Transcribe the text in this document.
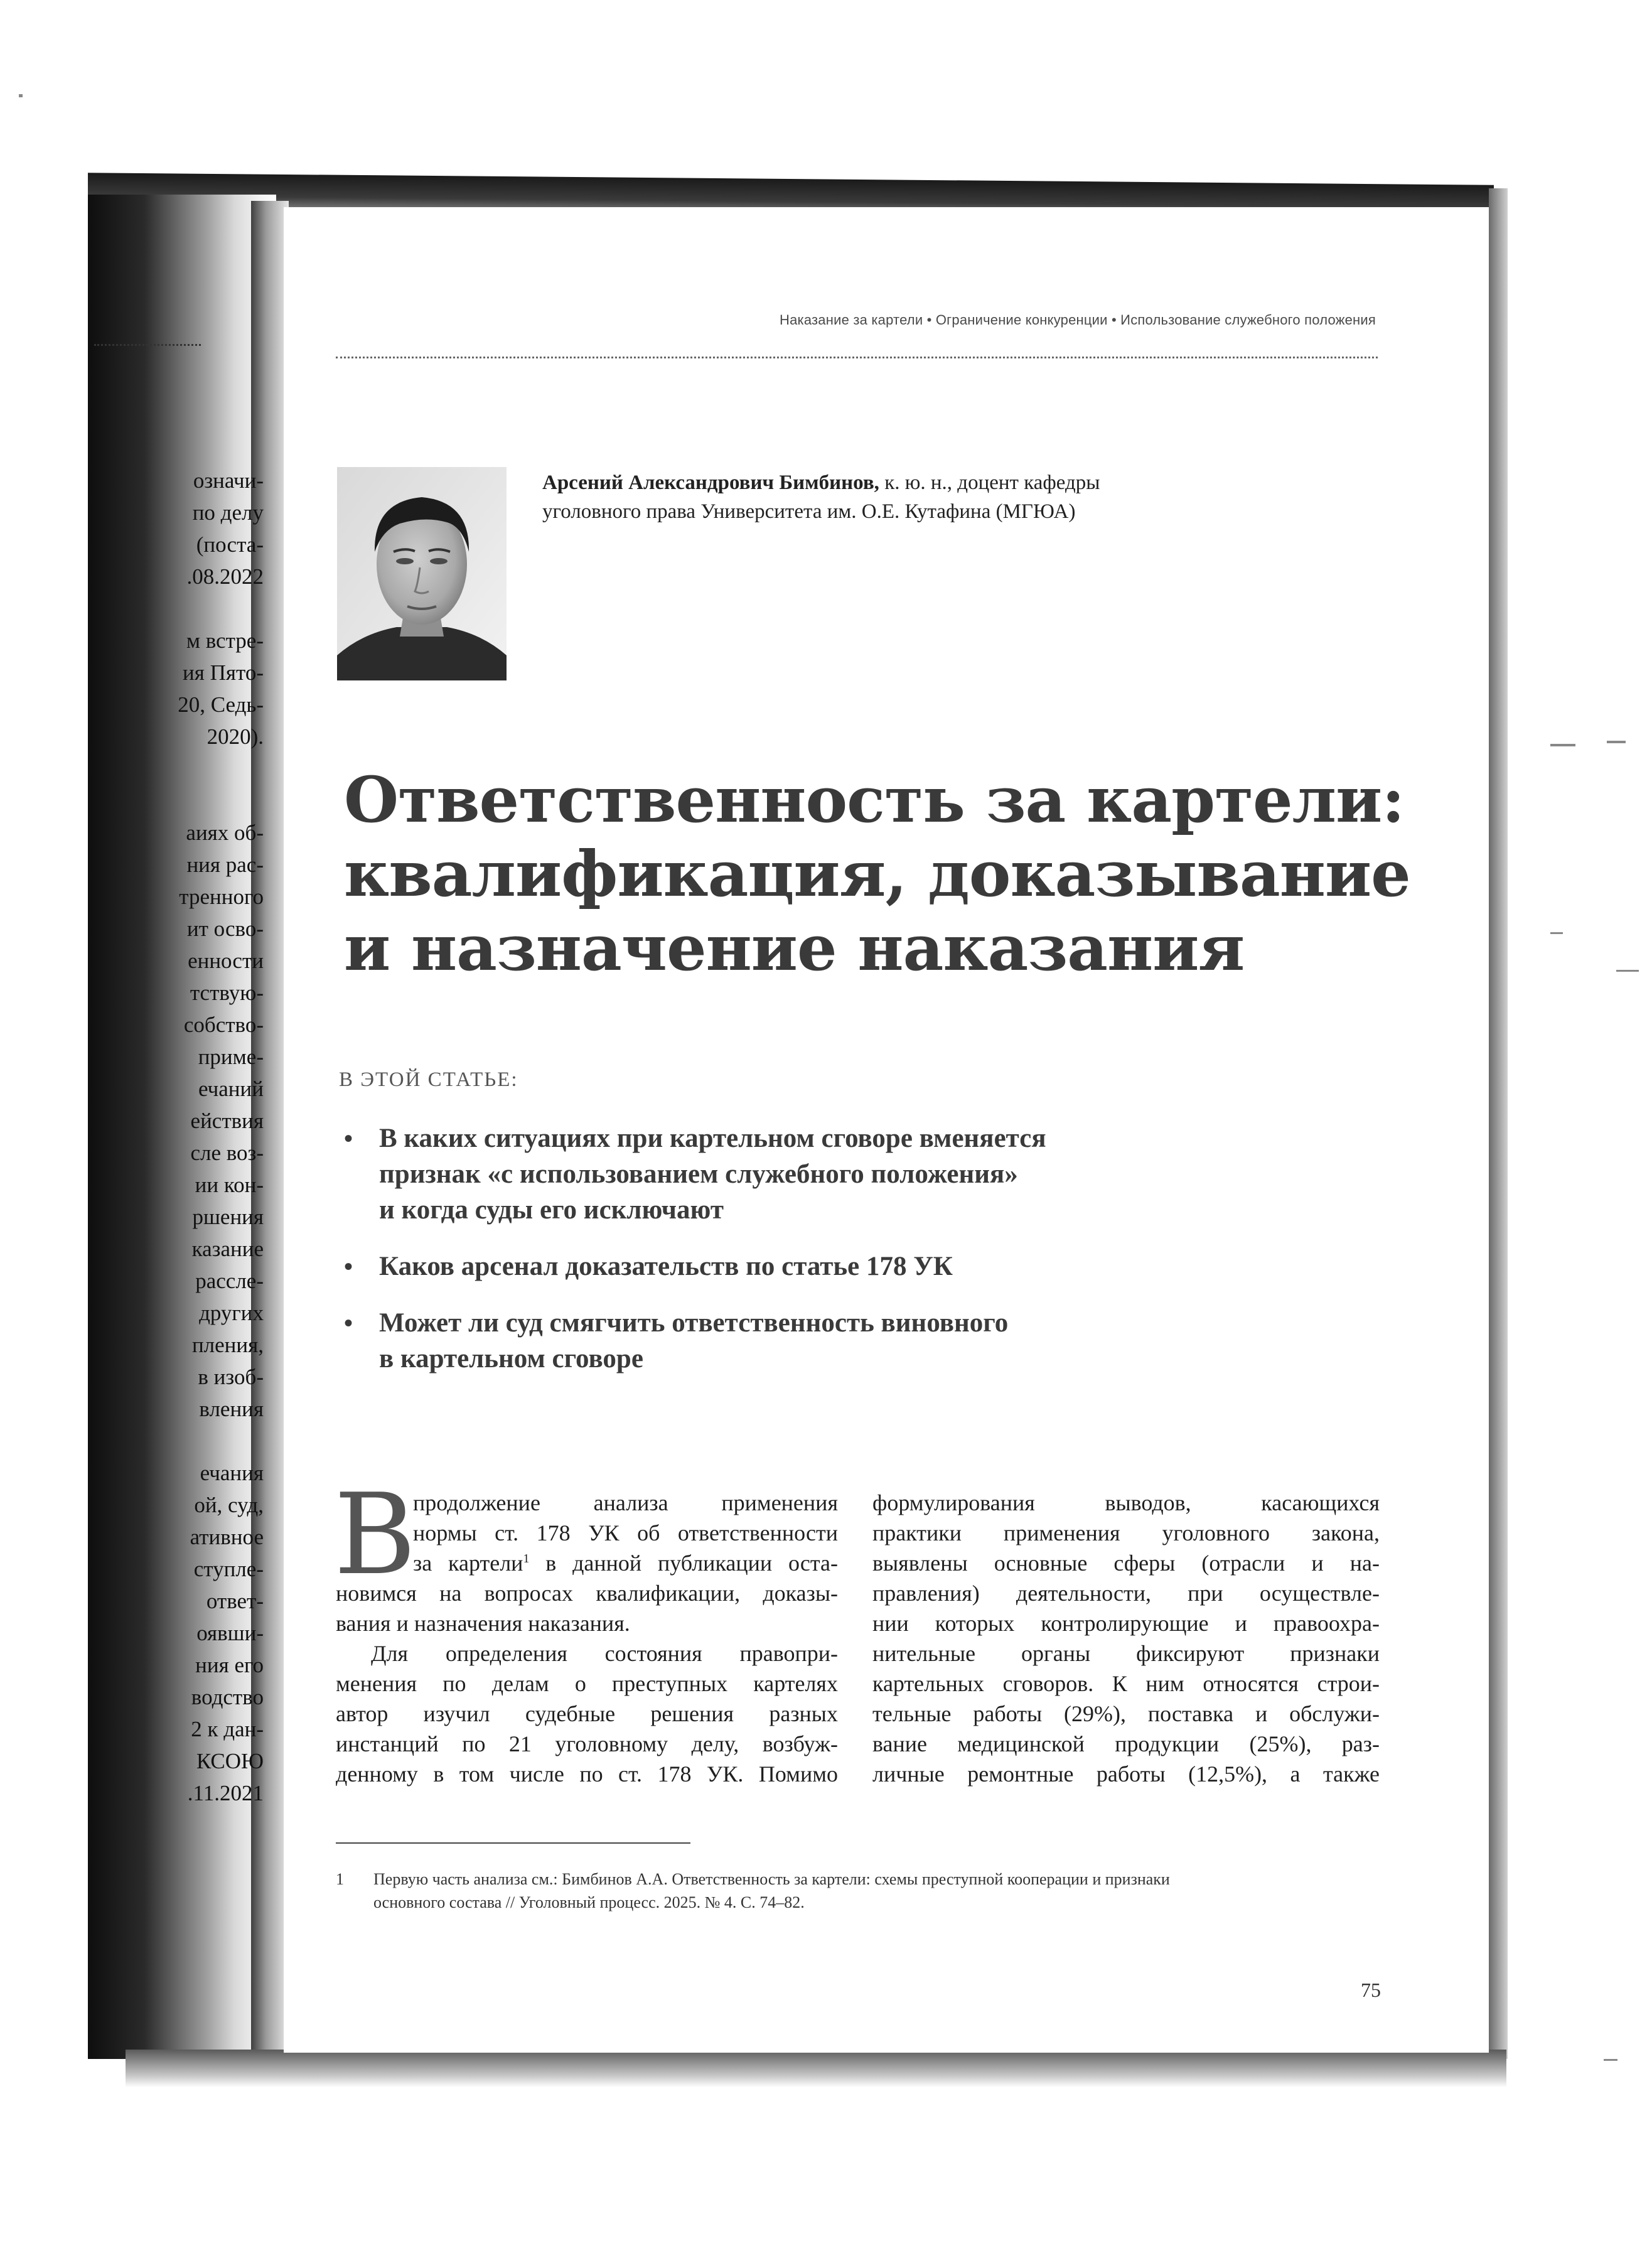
означи-
по делу
(поста-
.08.2022
м встре-
ия Пято-
20, Седь-
2020).
аиях об-
ния рас-
тренного
ит осво-
енности
тствую-
собство-
приме-
ечаний
ействия
сле воз-
ии кон-
ршения
казание
рассле-
других
пления,
в изоб-
вления
ечания
ой, суд,
ативное
ступле-
ответ-
оявши-
ния его
водство
2 к дан-
КСОЮ
.11.2021
Наказание за картели • Ограничение конкуренции • Использование служебного положения
Арсений Александрович Бимбинов, к. ю. н., доцент кафедры
уголовного права Университета им. О.Е. Кутафина (МГЮА)
Ответственность за картели:
квалификация, доказывание
и назначение наказания
В ЭТОЙ СТАТЬЕ:
• В каких ситуациях при картельном сговоре вменяется
признак «с использованием служебного положения»
и когда суды его исключают
• Каков арсенал доказательств по статье 178 УК
• Может ли суд смягчить ответственность виновного
в картельном сговоре
В
продолжение анализа применения
нормы ст. 178 УК об ответственности
за картели$^1$ в данной публикации оста-
новимся на вопросах квалификации, доказы-
вания и назначения наказания.
Для определения состояния правопри-
менения по делам о преступных картелях
автор изучил судебные решения разных
инстанций по 21 уголовному делу, возбуж-
денному в том числе по ст. 178 УК. Помимо
формулирования выводов, касающихся
практики применения уголовного закона,
выявлены основные сферы (отрасли и на-
правления) деятельности, при осуществле-
нии которых контролирующие и правоохра-
нительные органы фиксируют признаки
картельных сговоров. К ним относятся строи-
тельные работы (29%), поставка и обслужи-
вание медицинской продукции (25%), раз-
личные ремонтные работы (12,5%), а также
1 Первую часть анализа см.: Бимбинов А.А. Ответственность за картели: схемы преступной кооперации и признаки
основного состава // Уголовный процесс. 2025. № 4. С. 74–82.
75
